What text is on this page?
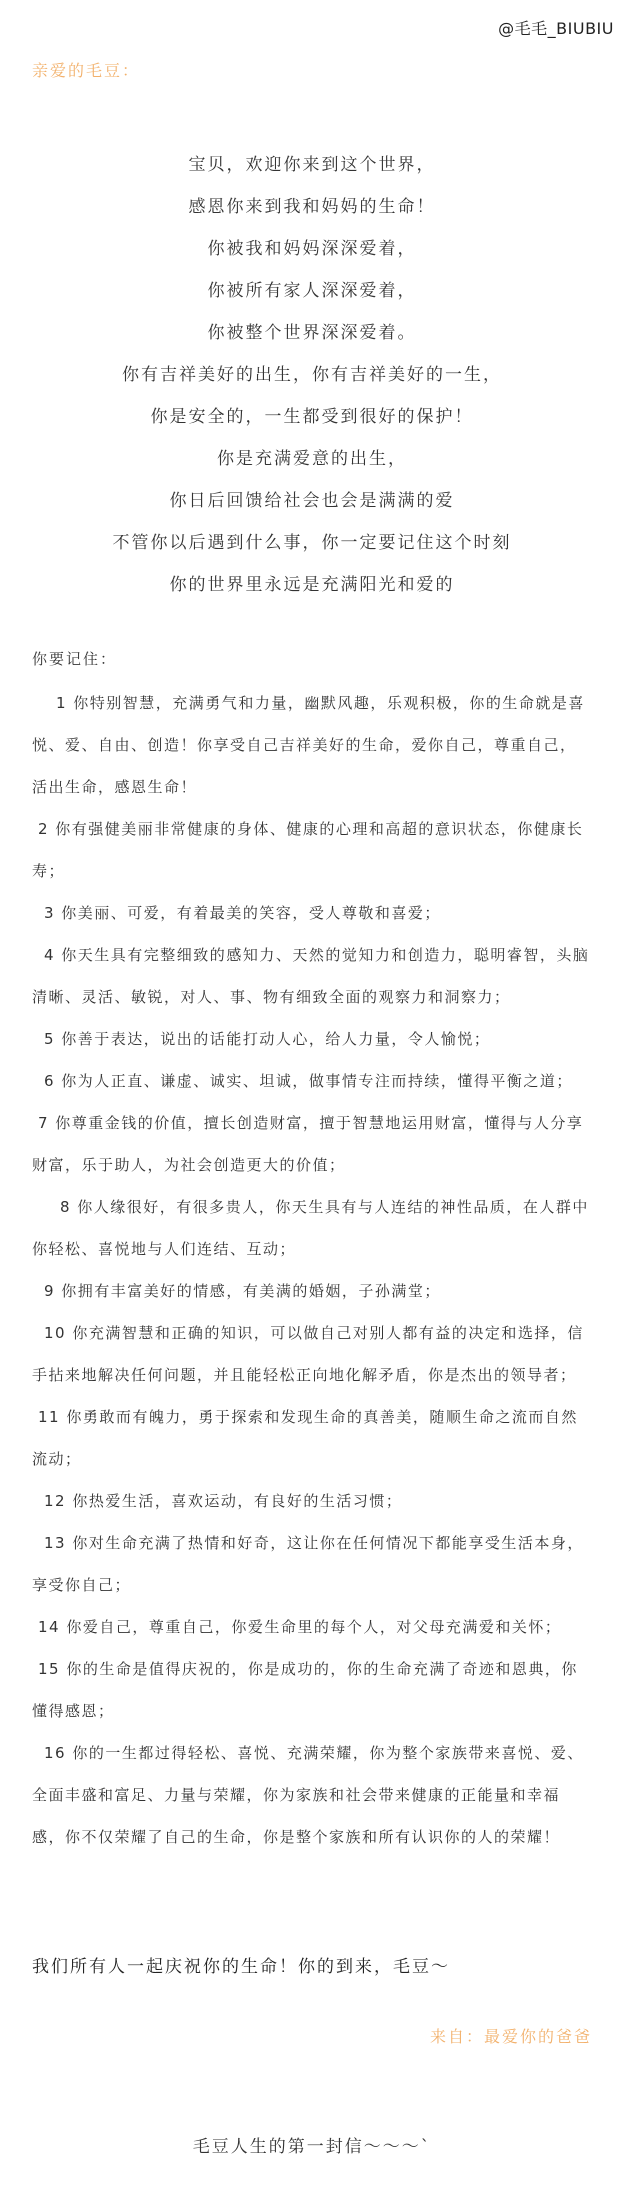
@毛毛_BIUBIU
亲爱的毛豆：
宝贝，欢迎你来到这个世界，
感恩你来到我和妈妈的生命！
你被我和妈妈深深爱着，
你被所有家人深深爱着，
你被整个世界深深爱着。
你有吉祥美好的出生，你有吉祥美好的一生，
你是安全的，一生都受到很好的保护！
你是充满爱意的出生，
你日后回馈给社会也会是满满的爱
不管你以后遇到什么事，你一定要记住这个时刻
你的世界里永远是充满阳光和爱的
你要记住：

1 你特别智慧，充满勇气和力量，幽默风趣，乐观积极，你的生命就是喜悦、爱、自由、创造！你享受自己吉祥美好的生命，爱你自己，尊重自己，活出生命，感恩生命！

2 你有强健美丽非常健康的身体、健康的心理和高超的意识状态，你健康长寿；

3 你美丽、可爱，有着最美的笑容，受人尊敬和喜爱；

4 你天生具有完整细致的感知力、天然的觉知力和创造力，聪明睿智，头脑清晰、灵活、敏锐，对人、事、物有细致全面的观察力和洞察力；

5 你善于表达，说出的话能打动人心，给人力量，令人愉悦；

6 你为人正直、谦虚、诚实、坦诚，做事情专注而持续，懂得平衡之道；

7 你尊重金钱的价值，擅长创造财富，擅于智慧地运用财富，懂得与人分享财富，乐于助人，为社会创造更大的价值；

8 你人缘很好，有很多贵人，你天生具有与人连结的神性品质，在人群中你轻松、喜悦地与人们连结、互动；

9 你拥有丰富美好的情感，有美满的婚姻，子孙满堂；

10 你充满智慧和正确的知识，可以做自己对别人都有益的决定和选择，信手拈来地解决任何问题，并且能轻松正向地化解矛盾，你是杰出的领导者；

11 你勇敢而有魄力，勇于探索和发现生命的真善美，随顺生命之流而自然流动；

12 你热爱生活，喜欢运动，有良好的生活习惯；

13 你对生命充满了热情和好奇，这让你在任何情况下都能享受生活本身，享受你自己；

14 你爱自己，尊重自己，你爱生命里的每个人，对父母充满爱和关怀；

15 你的生命是值得庆祝的，你是成功的，你的生命充满了奇迹和恩典，你懂得感恩；

16 你的一生都过得轻松、喜悦、充满荣耀，你为整个家族带来喜悦、爱、全面丰盛和富足、力量与荣耀，你为家族和社会带来健康的正能量和幸福感，你不仅荣耀了自己的生命，你是整个家族和所有认识你的人的荣耀！

我们所有人一起庆祝你的生命！你的到来，毛豆～
来自：最爱你的爸爸
毛豆人生的第一封信～～～`
